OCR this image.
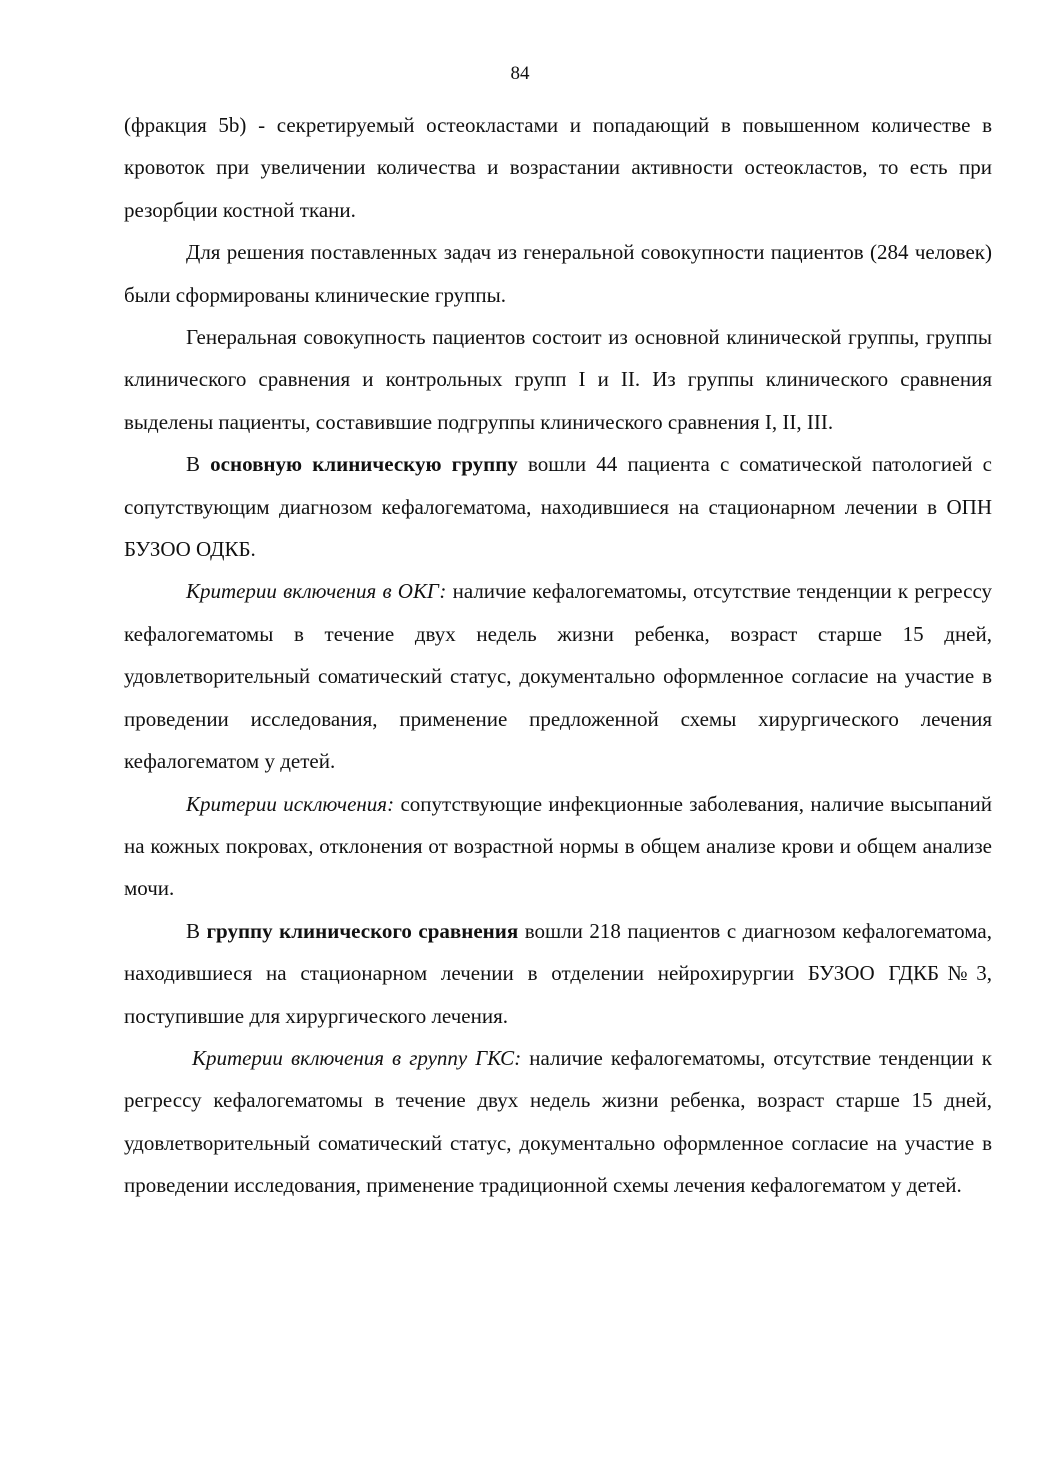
84

(фракция 5b) - секретируемый остеокластами и попадающий в повышенном количестве в кровоток при увеличении количества и возрастании активности остеокластов, то есть при резорбции костной ткани.

Для решения поставленных задач из генеральной совокупности пациентов (284 человек) были сформированы клинические группы.

Генеральная совокупность пациентов состоит из основной клинической группы, группы клинического сравнения и контрольных групп I и II. Из группы клинического сравнения выделены пациенты, составившие подгруппы клинического сравнения I, II, III.

В основную клиническую группу вошли 44 пациента с соматической патологией с сопутствующим диагнозом кефалогематома, находившиеся на стационарном лечении в ОПН БУЗОО ОДКБ.

Критерии включения в ОКГ: наличие кефалогематомы, отсутствие тенденции к регрессу кефалогематомы в течение двух недель жизни ребенка, возраст старше 15 дней, удовлетворительный соматический статус, документально оформленное согласие на участие в проведении исследования, применение предложенной схемы хирургического лечения кефалогематом у детей.

Критерии исключения: сопутствующие инфекционные заболевания, наличие высыпаний на кожных покровах, отклонения от возрастной нормы в общем анализе крови и общем анализе мочи.

В группу клинического сравнения вошли 218 пациентов с диагнозом кефалогематома, находившиеся на стационарном лечении в отделении нейрохирургии БУЗОО ГДКБ№3, поступившие для хирургического лечения.

Критерии включения в группу ГКС: наличие кефалогематомы, отсутствие тенденции к регрессу кефалогематомы в течение двух недель жизни ребенка, возраст старше 15 дней, удовлетворительный соматический статус, документально оформленное согласие на участие в проведении исследования, применение традиционной схемы лечения кефалогематом у детей.
